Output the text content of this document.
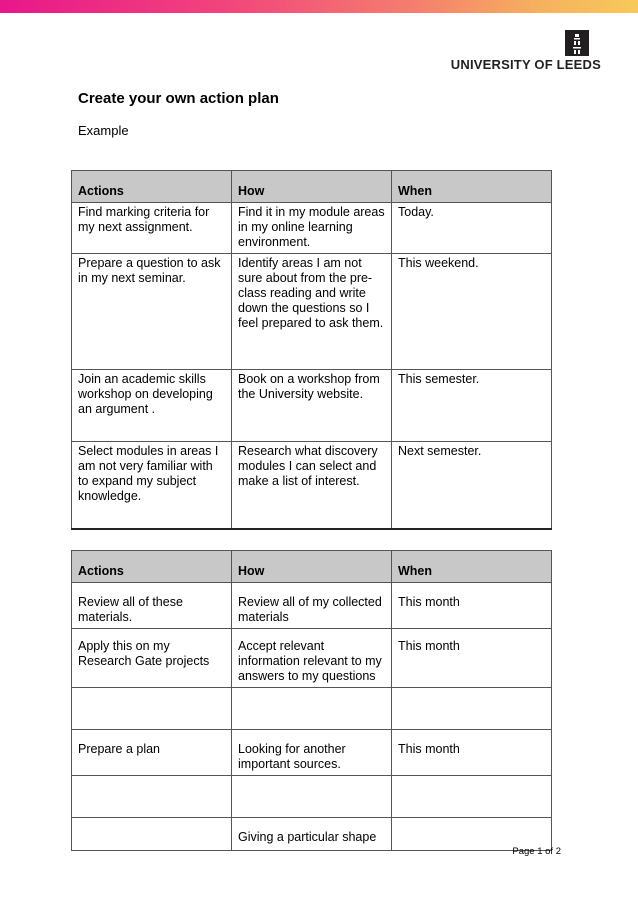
UNIVERSITY OF LEEDS
Create your own action plan
Example
Actions	How	When
Find marking criteria for my next assignment.	Find it in my module areas in my online learning environment.	Today.
Prepare a question to ask in my next seminar.	Identify areas I am not sure about from the pre-class reading and write down the questions so I feel prepared to ask them.	This weekend.
Join an academic skills workshop on developing an argument .	Book on a workshop from the University website.	This semester.
Select modules in areas I am not very familiar with to expand my subject knowledge.	Research what discovery modules I can select and make a list of interest.	Next semester.
Actions	How	When
Review all of these materials.	Review all of my collected materials	This month
Apply this on my Research Gate projects	Accept relevant information relevant to my answers to my questions	This month

Prepare a plan	Looking for another important sources.	This month

	Giving a particular shape	
Page 1 of 2
